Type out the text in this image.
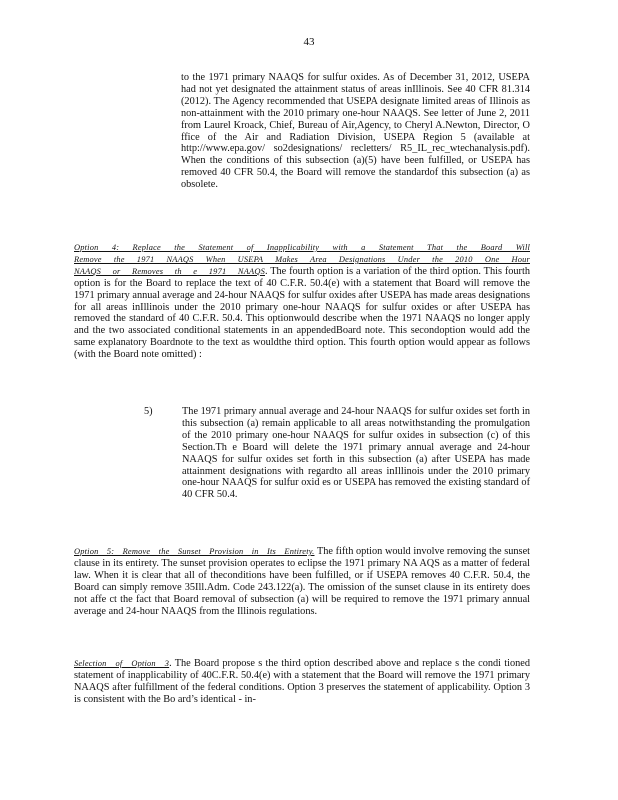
43

to the 1971 primary NAAQS for sulfur oxides. As of December 31, 2012, USEPA had not yet designated the attainment status of areas inIllinois. See 40 CFR 81.314 (2012). The Agency recommended that USEPA designate limited areas of Illinois as non-attainment with the 2010 primary one-hour NAAQS. See letter of June 2, 2011 from Laurel Kroack, Chief, Bureau of Air,Agency, to Cheryl A.Newton, Director, O ffice of the Air and Radiation Division, USEPA Region 5 (available at http://www.epa.gov/ so2designations/ recletters/ R5_IL_rec_wtechanalysis.pdf). When the conditions of this subsection (a)(5) have been fulfilled, or USEPA has removed 40 CFR 50.4, the Board will remove the standardof this subsection (a) as obsolete.

Option 4: Replace the Statement of Inapplicability with a Statement That the Board Will Remove the 1971 NAAQS When USEPA Makes Area Designations Under the 2010 One Hour NAAQS or Removes th e 1971 NAAQS. The fourth option is a variation of the third option. This fourth option is for the Board to replace the text of 40 C.F.R. 50.4(e) with a statement that Board will remove the 1971 primary annual average and 24-hour NAAQS for sulfur oxides after USEPA has made areas designations for all areas inIllinois under the 2010 primary one-hour NAAQS for sulfur oxides or after USEPA has removed the standard of 40 C.F.R. 50.4. This optionwould describe when the 1971 NAAQS no longer apply and the two associated conditional statements in an appendedBoard note. This secondoption would add the same explanatory Boardnote to the text as wouldthe third option. This fourth option would appear as follows (with the Board note omitted) :

5)	The 1971 primary annual average and 24-hour NAAQS for sulfur oxides set forth in this subsection (a) remain applicable to all areas notwithstanding the promulgation of the 2010 primary one-hour NAAQS for sulfur oxides in subsection (c) of this Section.Th e Board will delete the 1971 primary annual average and 24-hour NAAQS for sulfur oxides set forth in this subsection (a) after USEPA has made attainment designations with regardto all areas inIllinois under the 2010 primary one-hour NAAQS for sulfur oxid es or USEPA has removed the existing standard of 40 CFR 50.4.

Option 5: Remove the Sunset Provision in Its Entirety. The fifth option would involve removing the sunset clause in its entirety. The sunset provision operates to eclipse the 1971 primary NA AQS as a matter of federal law. When it is clear that all of theconditions have been fulfilled, or if USEPA removes 40 C.F.R. 50.4, the Board can simply remove 35Ill.Adm. Code 243.122(a). The omission of the sunset clause in its entirety does not affe ct the fact that Board removal of subsection (a) will be required to remove the 1971 primary annual average and 24-hour NAAQS from the Illinois regulations.

Selection of Option 3. The Board propose s the third option described above and replace s the condi tioned statement of inapplicability of 40C.F.R. 50.4(e) with a statement that the Board will remove the 1971 primary NAAQS after fulfillment of the federal conditions. Option 3 preserves the statement of applicability. Option 3 is consistent with the Bo ard’s identical - in-
